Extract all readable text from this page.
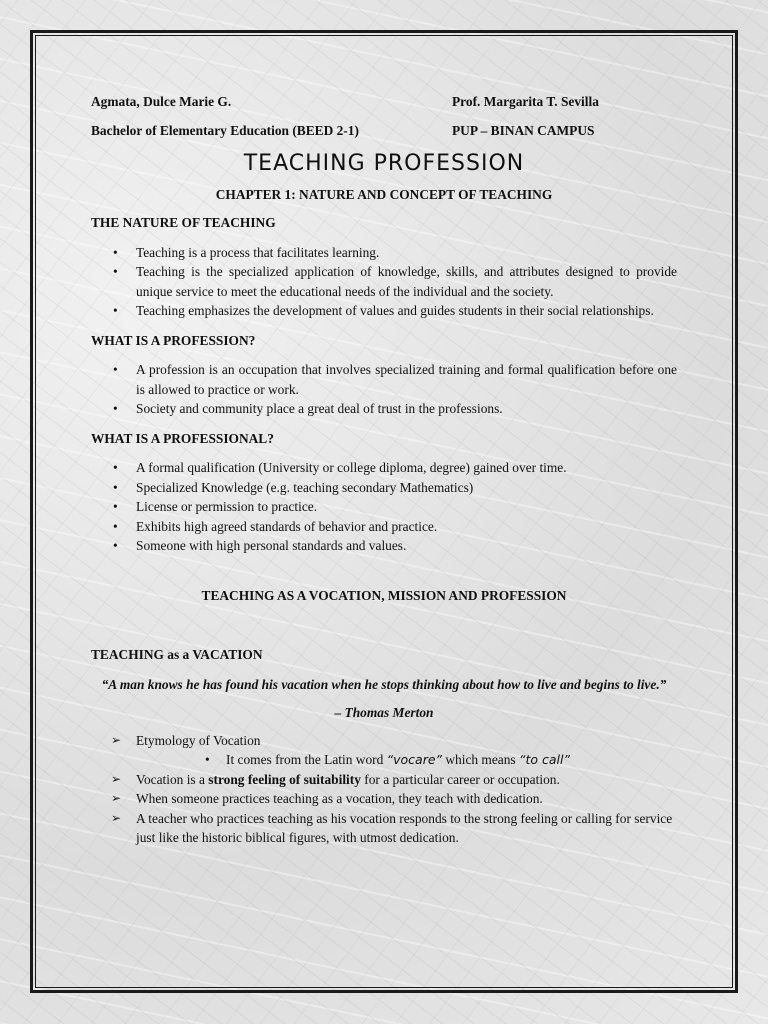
Agmata, Dulce Marie G.	Prof. Margarita T. Sevilla
Bachelor of Elementary Education (BEED 2-1)	PUP – BINAN CAMPUS
TEACHING PROFESSION
CHAPTER 1: NATURE AND CONCEPT OF TEACHING
THE NATURE OF TEACHING
• Teaching is a process that facilitates learning.
• Teaching is the specialized application of knowledge, skills, and attributes designed to provide unique service to meet the educational needs of the individual and the society.
• Teaching emphasizes the development of values and guides students in their social relationships.
WHAT IS A PROFESSION?
• A profession is an occupation that involves specialized training and formal qualification before one is allowed to practice or work.
• Society and community place a great deal of trust in the professions.
WHAT IS A PROFESSIONAL?
• A formal qualification (University or college diploma, degree) gained over time.
• Specialized Knowledge (e.g. teaching secondary Mathematics)
• License or permission to practice.
• Exhibits high agreed standards of behavior and practice.
• Someone with high personal standards and values.
TEACHING AS A VOCATION, MISSION AND PROFESSION
TEACHING as a VACATION
“A man knows he has found his vacation when he stops thinking about how to live and begins to live.”
– Thomas Merton
➢ Etymology of Vocation
• It comes from the Latin word “vocare” which means “to call”
➢ Vocation is a strong feeling of suitability for a particular career or occupation.
➢ When someone practices teaching as a vocation, they teach with dedication.
➢ A teacher who practices teaching as his vocation responds to the strong feeling or calling for service just like the historic biblical figures, with utmost dedication.
